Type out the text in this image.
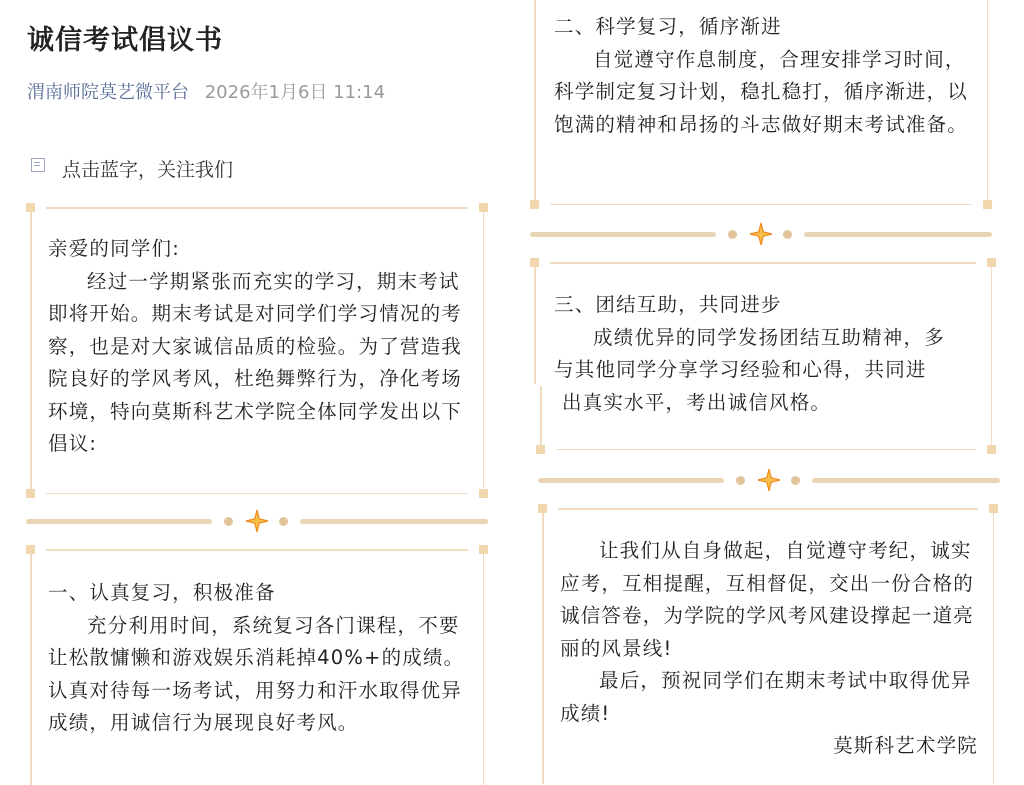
诚信考试倡议书
渭南师院莫艺微平台 2026年1月6日 11:14
点击蓝字，关注我们

亲爱的同学们:

经过一学期紧张而充实的学习，期末考试即将开始。期末考试是对同学们学习情况的考察，也是对大家诚信品质的检验。为了营造我院良好的学风考风，杜绝舞弊行为，净化考场环境，特向莫斯科艺术学院全体同学发出以下倡议:

一、认真复习，积极准备

充分利用时间，系统复习各门课程，不要让松散慵懒和游戏娱乐消耗掉40%+的成绩。认真对待每一场考试，用努力和汗水取得优异成绩，用诚信行为展现良好考风。

二、科学复习，循序渐进

自觉遵守作息制度，合理安排学习时间，科学制定复习计划，稳扎稳打，循序渐进，以饱满的精神和昂扬的斗志做好期末考试准备。

三、团结互助，共同进步

成绩优异的同学发扬团结互助精神，多

与其他同学分享学习经验和心得，共同进

出真实水平，考出诚信风格。

让我们从自身做起，自觉遵守考纪，诚实应考，互相提醒，互相督促，交出一份合格的诚信答卷，为学院的学风考风建设撑起一道亮丽的风景线!

最后，预祝同学们在期末考试中取得优异成绩!

莫斯科艺术学院
